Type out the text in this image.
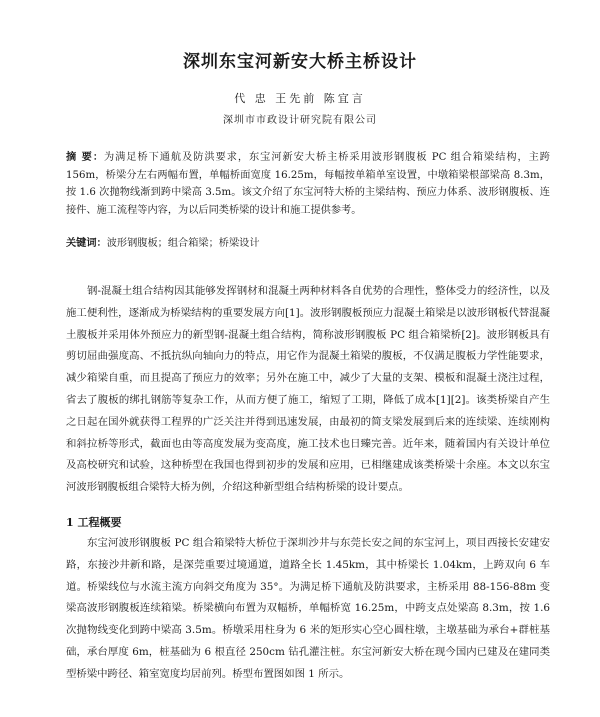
深圳东宝河新安大桥主桥设计
代 忠 王先前 陈宜言
深圳市市政设计研究院有限公司
摘 要：为满足桥下通航及防洪要求，东宝河新安大桥主桥采用波形钢腹板 PC 组合箱梁结构，主跨 156m，桥梁分左右两幅布置，单幅桥面宽度 16.25m，每幅按单箱单室设置，中墩箱梁根部梁高 8.3m，按 1.6 次抛物线渐到跨中梁高 3.5m。该文介绍了东宝河特大桥的主梁结构、预应力体系、波形钢腹板、连接件、施工流程等内容，为以后同类桥梁的设计和施工提供参考。
关键词：波形钢腹板；组合箱梁；桥梁设计
钢-混凝土组合结构因其能够发挥钢材和混凝土两种材料各自优势的合理性，整体受力的经济性，以及施工便利性，逐渐成为桥梁结构的重要发展方向[1]。波形钢腹板预应力混凝土箱梁是以波形钢板代替混凝土腹板并采用体外预应力的新型钢-混凝土组合结构，简称波形钢腹板 PC 组合箱梁桥[2]。波形钢板具有剪切屈曲强度高、不抵抗纵向轴向力的特点，用它作为混凝土箱梁的腹板，不仅满足腹板力学性能要求，减少箱梁自重，而且提高了预应力的效率；另外在施工中，减少了大量的支架、模板和混凝土浇注过程，省去了腹板的绑扎钢筋等复杂工作，从而方便了施工，缩短了工期，降低了成本[1][2]。该类桥梁自产生之日起在国外就获得工程界的广泛关注并得到迅速发展，由最初的简支梁发展到后来的连续梁、连续刚构和斜拉桥等形式，截面也由等高度发展为变高度，施工技术也日臻完善。近年来，随着国内有关设计单位及高校研究和试验，这种桥型在我国也得到初步的发展和应用，已相继建成该类桥梁十余座。本文以东宝河波形钢腹板组合梁特大桥为例，介绍这种新型组合结构桥梁的设计要点。
1 工程概要
东宝河波形钢腹板 PC 组合箱梁特大桥位于深圳沙井与东莞长安之间的东宝河上，项目西接长安建安路，东接沙井新和路，是深莞重要过境通道，道路全长 1.45km，其中桥梁长 1.04km，上跨双向 6 车道。桥梁线位与水流主流方向斜交角度为 35°。为满足桥下通航及防洪要求，主桥采用 88-156-88m 变梁高波形钢腹板连续箱梁。桥梁横向布置为双幅桥，单幅桥宽 16.25m，中跨支点处梁高 8.3m，按 1.6 次抛物线变化到跨中梁高 3.5m。桥墩采用柱身为 6 米的矩形实心空心圆柱墩，主墩基础为承台+群桩基础，承台厚度 6m，桩基础为 6 根直径 250cm 钻孔灌注桩。东宝河新安大桥在现今国内已建及在建同类型桥梁中跨径、箱室宽度均居前列。桥型布置图如图 1 所示。
